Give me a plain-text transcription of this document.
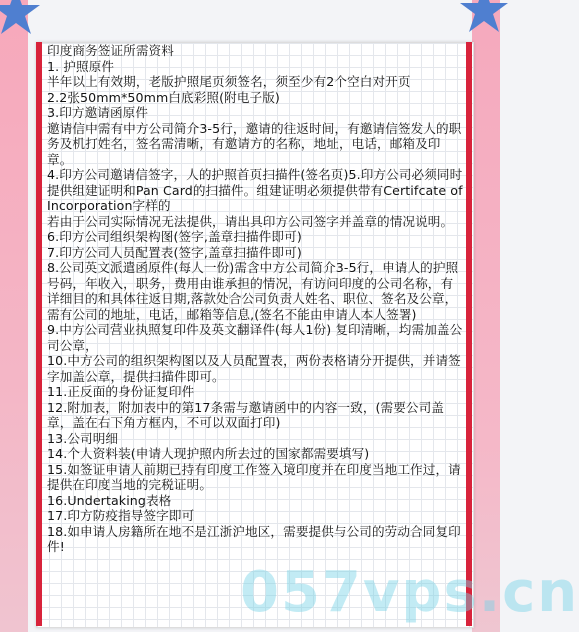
印度商务签证所需资料
1. 护照原件
半年以上有效期，老版护照尾页须签名，须至少有2个空白对开页
2.2张50mm*50mm白底彩照(附电子版)
3.印方邀请函原件
邀请信中需有中方公司简介3-5行，邀请的往返时间，有邀请信签发人的职务及机打姓名，签名需清晰，有邀请方的名称，地址，电话，邮箱及印章。
4.印方公司邀请信签字，人的护照首页扫描件(签名页)5.印方公司必须同时提供组建证明和Pan Card的扫描件。组建证明必须提供带有Certifcate of Incorporation字样的
若由于公司实际情况无法提供，请出具印方公司签字并盖章的情况说明。
6.印方公司组织架构图(签字,盖章扫描件即可)
7.印方公司人员配置表(签字,盖章扫描件即可)
8.公司英文派遣函原件(每人一份)需含中方公司简介3-5行，申请人的护照号码，年收入，职务，费用由谁承担的情况，有访问印度的公司名称，有详细目的和具体往返日期,落款处合公司负责人姓名、职位、签名及公章，需有公司的地址，电话，邮箱等信息,(签名不能由申请人本人签署)
9.中方公司营业执照复印件及英文翻译件(每人1份) 复印清晰，均需加盖公司公章，
10.中方公司的组织架构图以及人员配置表，两份表格请分开提供，并请签字加盖公章，提供扫描件即可。
11.正反面的身份证复印件
12.附加表，附加表中的第17条需与邀请函中的内容一致，(需要公司盖章，盖在右下角方框内，不可以双面打印)
13.公司明细
14.个人资料装(申请人现护照内所去过的国家都需要填写)
15.如签证申请人前期已持有印度工作签入境印度并在印度当地工作过，请提供在印度当地的完税证明。
16.Undertaking表格
17.印方防疫指导签字即可
18.如申请人房籍所在地不是江浙沪地区，需要提供与公司的劳动合同复印件!
057vps.cn
